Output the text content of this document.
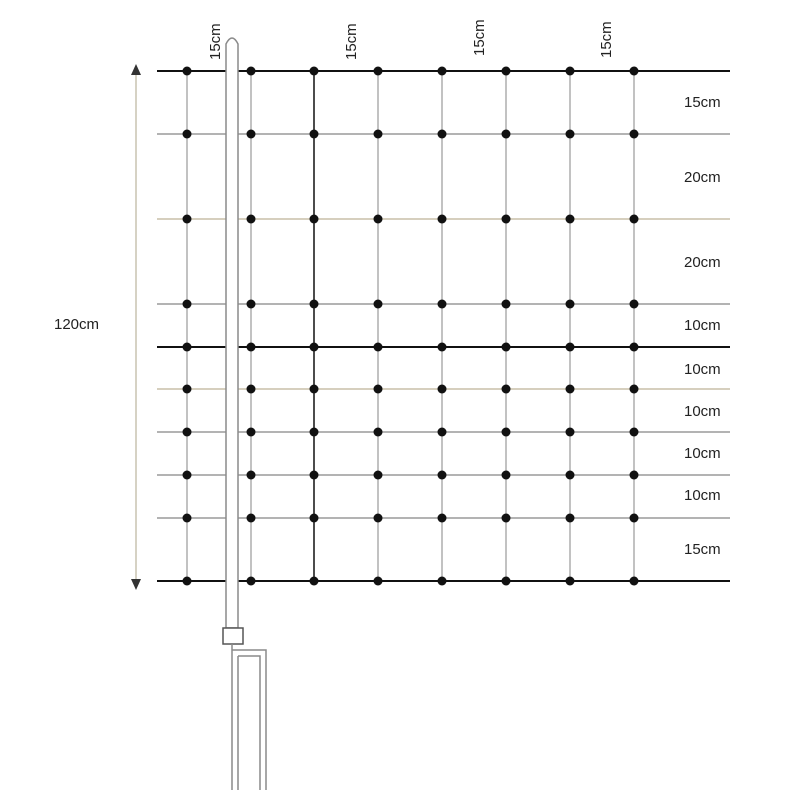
120cm
15cm	15cm	15cm	15cm
15cm
20cm
20cm
10cm
10cm
10cm
10cm
10cm
15cm
